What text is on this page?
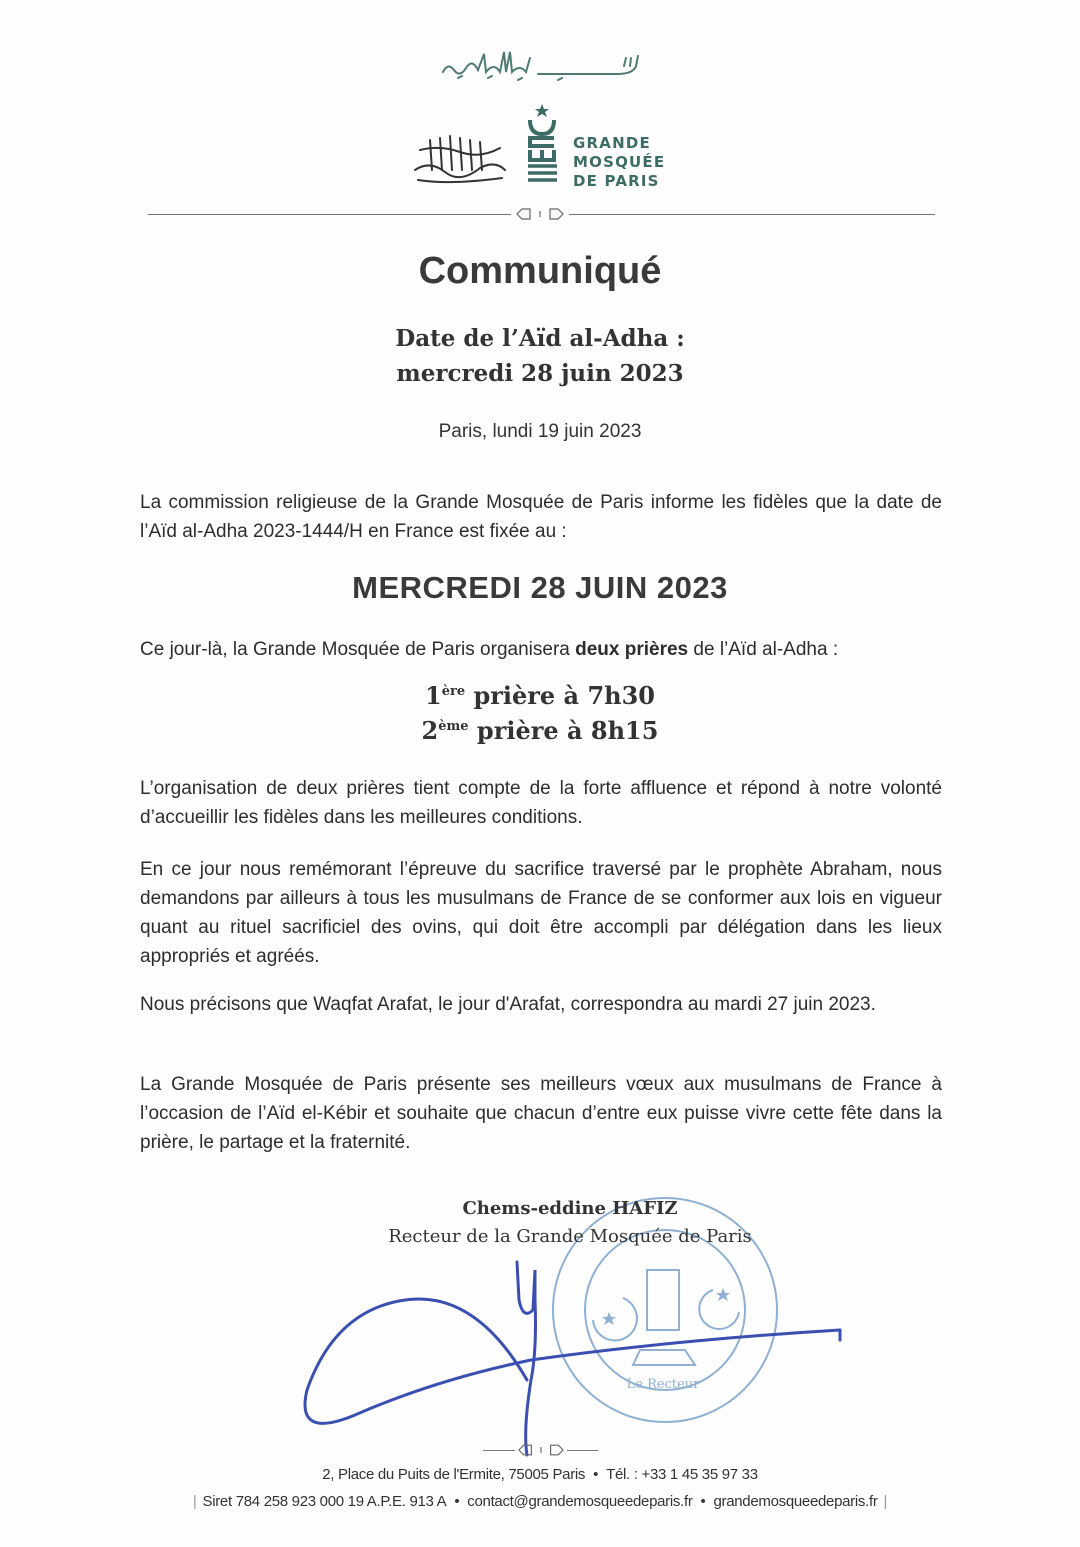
GRANDE
MOSQUÉE
DE PARIS
Communiqué
Date de l’Aïd al-Adha :
mercredi 28 juin 2023
Paris, lundi 19 juin 2023
La commission religieuse de la Grande Mosquée de Paris informe les fidèles que la date de l’Aïd al-Adha 2023-1444/H en France est fixée au :
MERCREDI 28 JUIN 2023
Ce jour-là, la Grande Mosquée de Paris organisera deux prières de l’Aïd al-Adha :
1ère prière à 7h30
2ème prière à 8h15
L’organisation de deux prières tient compte de la forte affluence et répond à notre volonté d’accueillir les fidèles dans les meilleures conditions.
En ce jour nous remémorant l’épreuve du sacrifice traversé par le prophète Abraham, nous demandons par ailleurs à tous les musulmans de France de se conformer aux lois en vigueur quant au rituel sacrificiel des ovins, qui doit être accompli par délégation dans les lieux appropriés et agréés.
Nous précisons que Waqfat Arafat, le jour d'Arafat, correspondra au mardi 27 juin 2023.
La Grande Mosquée de Paris présente ses meilleurs vœux aux musulmans de France à l’occasion de l’Aïd el-Kébir et souhaite que chacun d’entre eux puisse vivre cette fête dans la prière, le partage et la fraternité.
Le Recteur
Chems-eddine HAFIZ
Recteur de la Grande Mosquée de Paris
2, Place du Puits de l'Ermite, 75005 Paris • Tél. : +33 1 45 35 97 33
| Siret 784 258 923 000 19 A.P.E. 913 A • contact@grandemosqueedeparis.fr • grandemosqueedeparis.fr |
